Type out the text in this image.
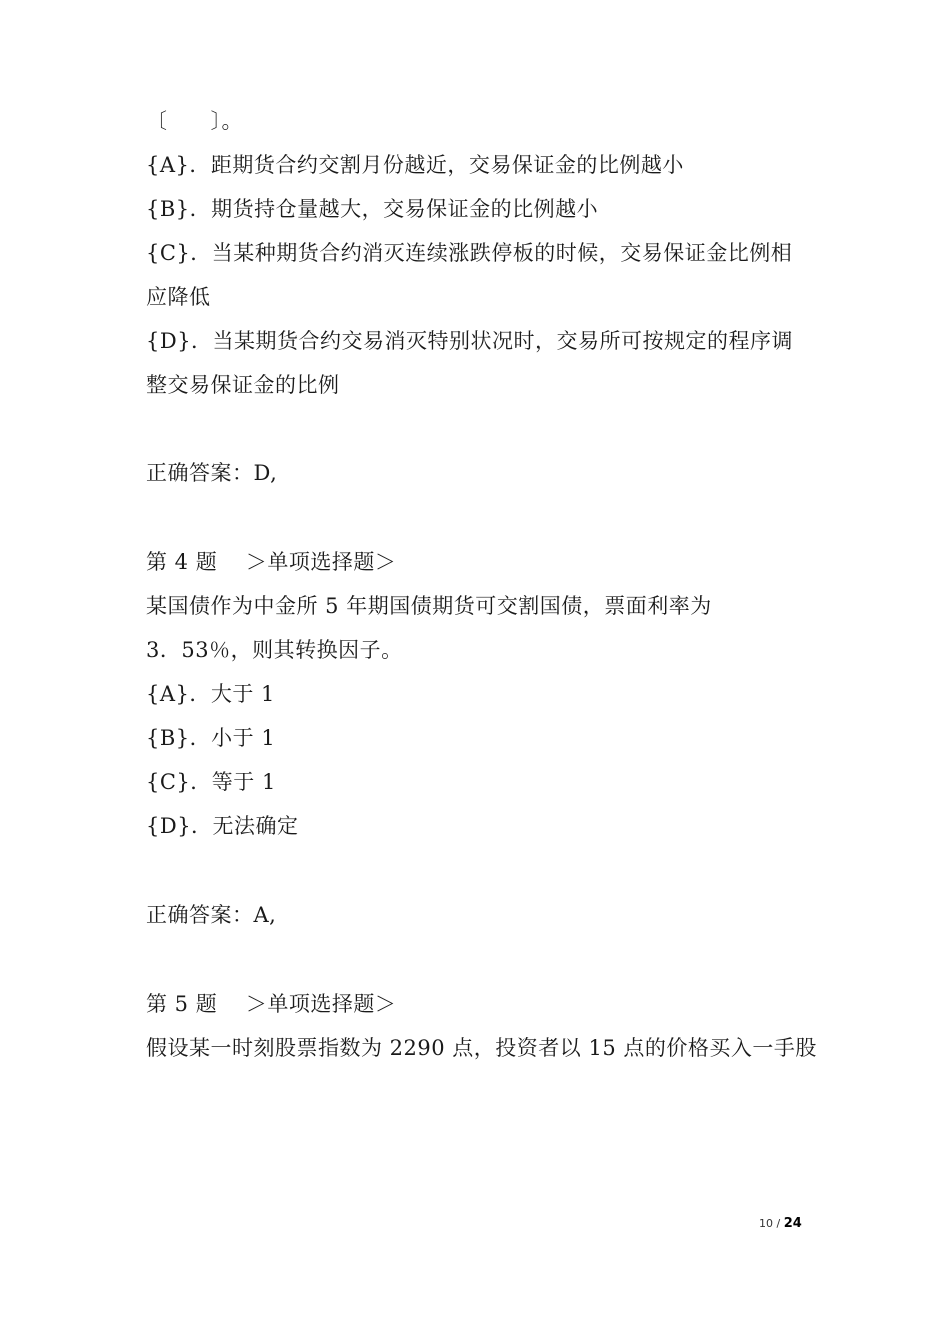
〔　　〕。
{A}．距期货合约交割月份越近，交易保证金的比例越小
{B}．期货持仓量越大，交易保证金的比例越小
{C}．当某种期货合约消灭连续涨跌停板的时候，交易保证金比例相
应降低
{D}．当某期货合约交易消灭特别状况时，交易所可按规定的程序调
整交易保证金的比例
正确答案：D,
第 4 题　 ＞单项选择题＞
某国债作为中金所 5 年期国债期货可交割国债，票面利率为
3．53％，则其转换因子。
{A}．大于 1
{B}．小于 1
{C}．等于 1
{D}．无法确定
正确答案：A,
第 5 题　 ＞单项选择题＞
假设某一时刻股票指数为 2290 点，投资者以 15 点的价格买入一手股
10 / 24
